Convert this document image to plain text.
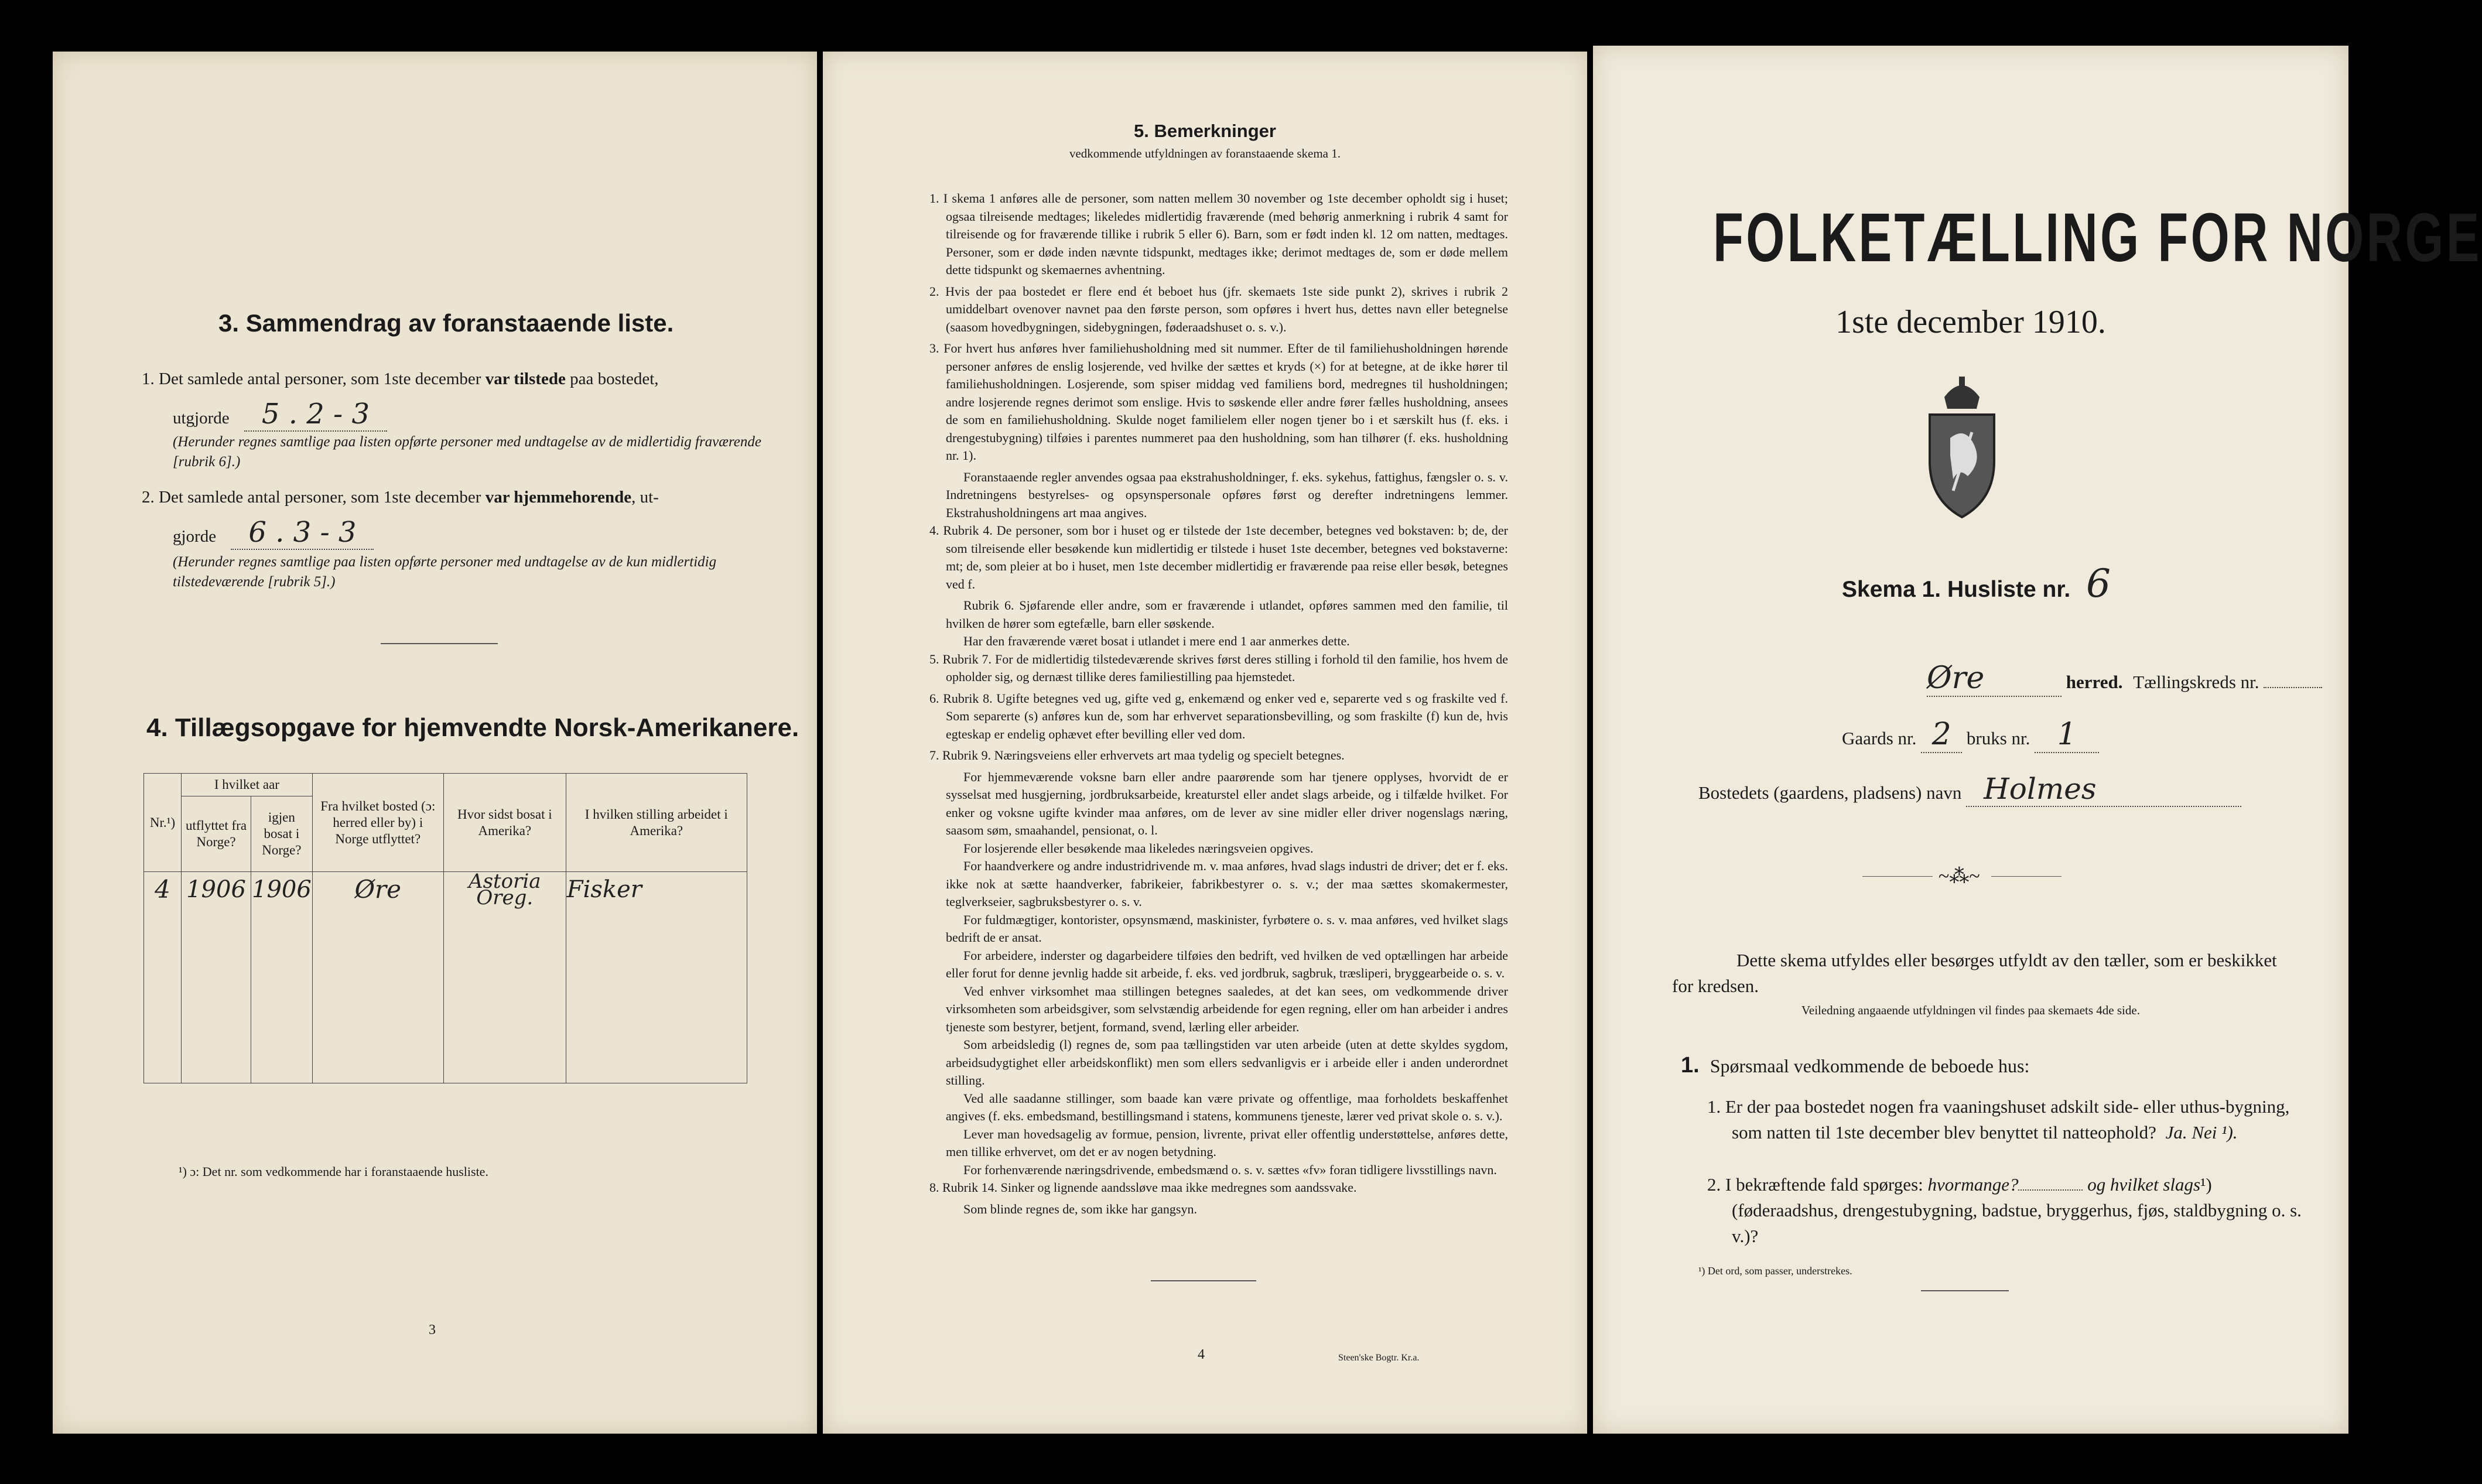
3. Sammendrag av foranstaaende liste.
1. Det samlede antal personer, som 1ste december var tilstede paa bostedet,
utgjorde 5 . 2 - 3
(Herunder regnes samtlige paa listen opførte personer med undtagelse av de midlertidig fraværende [rubrik 6].)
2. Det samlede antal personer, som 1ste december var hjemmehorende, ut-
gjorde 6 . 3 - 3
(Herunder regnes samtlige paa listen opførte personer med undtagelse av de kun midlertidig tilstedeværende [rubrik 5].)
4. Tillægsopgave for hjemvendte Norsk-Amerikanere.
Nr.¹)	I hvilket aar		Fra hvilket bosted (ɔ: herred eller by) i Norge utflyttet?	Hvor sidst bosat i Amerika?	I hvilken stilling arbeidet i Amerika?
	utflyttet fra Norge?	igjen bosat i Norge?			
4	1906	1906	Øre	Astoria Oreg.	Fisker

¹) ɔ: Det nr. som vedkommende har i foranstaaende husliste.
3
5. Bemerkninger
vedkommende utfyldningen av foranstaaende skema 1.

1. I skema 1 anføres alle de personer, som natten mellem 30 november og 1ste december opholdt sig i huset; ogsaa tilreisende medtages; likeledes midlertidig fraværende (med behørig anmerkning i rubrik 4 samt for tilreisende og for fraværende tillike i rubrik 5 eller 6). Barn, som er født inden kl. 12 om natten, medtages. Personer, som er døde inden nævnte tidspunkt, medtages ikke; derimot medtages de, som er døde mellem dette tidspunkt og skemaernes avhentning.

2. Hvis der paa bostedet er flere end ét beboet hus (jfr. skemaets 1ste side punkt 2), skrives i rubrik 2 umiddelbart ovenover navnet paa den første person, som opføres i hvert hus, dettes navn eller betegnelse (saasom hovedbygningen, sidebygningen, føderaadshuset o. s. v.).

3. For hvert hus anføres hver familiehusholdning med sit nummer. Efter de til familiehusholdningen hørende personer anføres de enslig losjerende, ved hvilke der sættes et kryds (×) for at betegne, at de ikke hører til familiehusholdningen. Losjerende, som spiser middag ved familiens bord, medregnes til husholdningen; andre losjerende regnes derimot som enslige. Hvis to søskende eller andre fører fælles husholdning, ansees de som en familiehusholdning. Skulde noget familielem eller nogen tjener bo i et særskilt hus (f. eks. i drengestubygning) tilføies i parentes nummeret paa den husholdning, som han tilhører (f. eks. husholdning nr. 1).

Foranstaaende regler anvendes ogsaa paa ekstrahusholdninger, f. eks. sykehus, fattighus, fængsler o. s. v. Indretningens bestyrelses- og opsynspersonale opføres først og derefter indretningens lemmer. Ekstrahusholdningens art maa angives.

4. Rubrik 4. De personer, som bor i huset og er tilstede der 1ste december, betegnes ved bokstaven: b; de, der som tilreisende eller besøkende kun midlertidig er tilstede i huset 1ste december, betegnes ved bokstaverne: mt; de, som pleier at bo i huset, men 1ste december midlertidig er fraværende paa reise eller besøk, betegnes ved f.

Rubrik 6. Sjøfarende eller andre, som er fraværende i utlandet, opføres sammen med den familie, til hvilken de hører som egtefælle, barn eller søskende.

Har den fraværende været bosat i utlandet i mere end 1 aar anmerkes dette.

5. Rubrik 7. For de midlertidig tilstedeværende skrives først deres stilling i forhold til den familie, hos hvem de opholder sig, og dernæst tillike deres familiestilling paa hjemstedet.

6. Rubrik 8. Ugifte betegnes ved ug, gifte ved g, enkemænd og enker ved e, separerte ved s og fraskilte ved f. Som separerte (s) anføres kun de, som har erhvervet separationsbevilling, og som fraskilte (f) kun de, hvis egteskap er endelig ophævet efter bevilling eller ved dom.

7. Rubrik 9. Næringsveiens eller erhvervets art maa tydelig og specielt betegnes.

For hjemmeværende voksne barn eller andre paarørende som har tjenere opplyses, hvorvidt de er sysselsat med husgjerning, jordbruksarbeide, kreaturstel eller andet slags arbeide, og i tilfælde hvilket. For enker og voksne ugifte kvinder maa anføres, om de lever av sine midler eller driver nogenslags næring, saasom søm, smaahandel, pensionat, o. l.

For losjerende eller besøkende maa likeledes næringsveien opgives.

For haandverkere og andre industridrivende m. v. maa anføres, hvad slags industri de driver; det er f. eks. ikke nok at sætte haandverker, fabrikeier, fabrikbestyrer o. s. v.; der maa sættes skomakermester, teglverkseier, sagbruksbestyrer o. s. v.

For fuldmægtiger, kontorister, opsynsmænd, maskinister, fyrbøtere o. s. v. maa anføres, ved hvilket slags bedrift de er ansat.

For arbeidere, inderster og dagarbeidere tilføies den bedrift, ved hvilken de ved optællingen har arbeide eller forut for denne jevnlig hadde sit arbeide, f. eks. ved jordbruk, sagbruk, træsliperi, bryggearbeide o. s. v.

Ved enhver virksomhet maa stillingen betegnes saaledes, at det kan sees, om vedkommende driver virksomheten som arbeidsgiver, som selvstændig arbeidende for egen regning, eller om han arbeider i andres tjeneste som bestyrer, betjent, formand, svend, lærling eller arbeider.

Som arbeidsledig (l) regnes de, som paa tællingstiden var uten arbeide (uten at dette skyldes sygdom, arbeidsudygtighet eller arbeidskonflikt) men som ellers sedvanligvis er i arbeide eller i anden underordnet stilling.

Ved alle saadanne stillinger, som baade kan være private og offentlige, maa forholdets beskaffenhet angives (f. eks. embedsmand, bestillingsmand i statens, kommunens tjeneste, lærer ved privat skole o. s. v.).

Lever man hovedsagelig av formue, pension, livrente, privat eller offentlig understøttelse, anføres dette, men tillike erhvervet, om det er av nogen betydning.

For forhenværende næringsdrivende, embedsmænd o. s. v. sættes «fv» foran tidligere livsstillings navn.

8. Rubrik 14. Sinker og lignende aandssløve maa ikke medregnes som aandssvake.

Som blinde regnes de, som ikke har gangsyn.

4	Steen'ske Bogtr. Kr.a.
FOLKETÆLLING FOR NORGE
1ste december 1910.
Skema 1. Husliste nr. 6
Øre	herred. Tællingskreds nr.
Gaards nr. 2 bruks nr. 1
Bostedets (gaardens, pladsens) navn Holmes
~⁂~
Dette skema utfyldes eller besørges utfyldt av den tæller, som er beskikket for kredsen.
Veiledning angaaende utfyldningen vil findes paa skemaets 4de side.
1. Spørsmaal vedkommende de beboede hus:
1. Er der paa bostedet nogen fra vaaningshuset adskilt side- eller uthus-bygning, som natten til 1ste december blev benyttet til natteophold? Ja. Nei ¹).
2. I bekræftende fald spørges: hvormange?	og hvilket slags¹) (føderaadshus, drengestubygning, badstue, bryggerhus, fjøs, staldbygning o. s. v.)?
¹) Det ord, som passer, understrekes.
